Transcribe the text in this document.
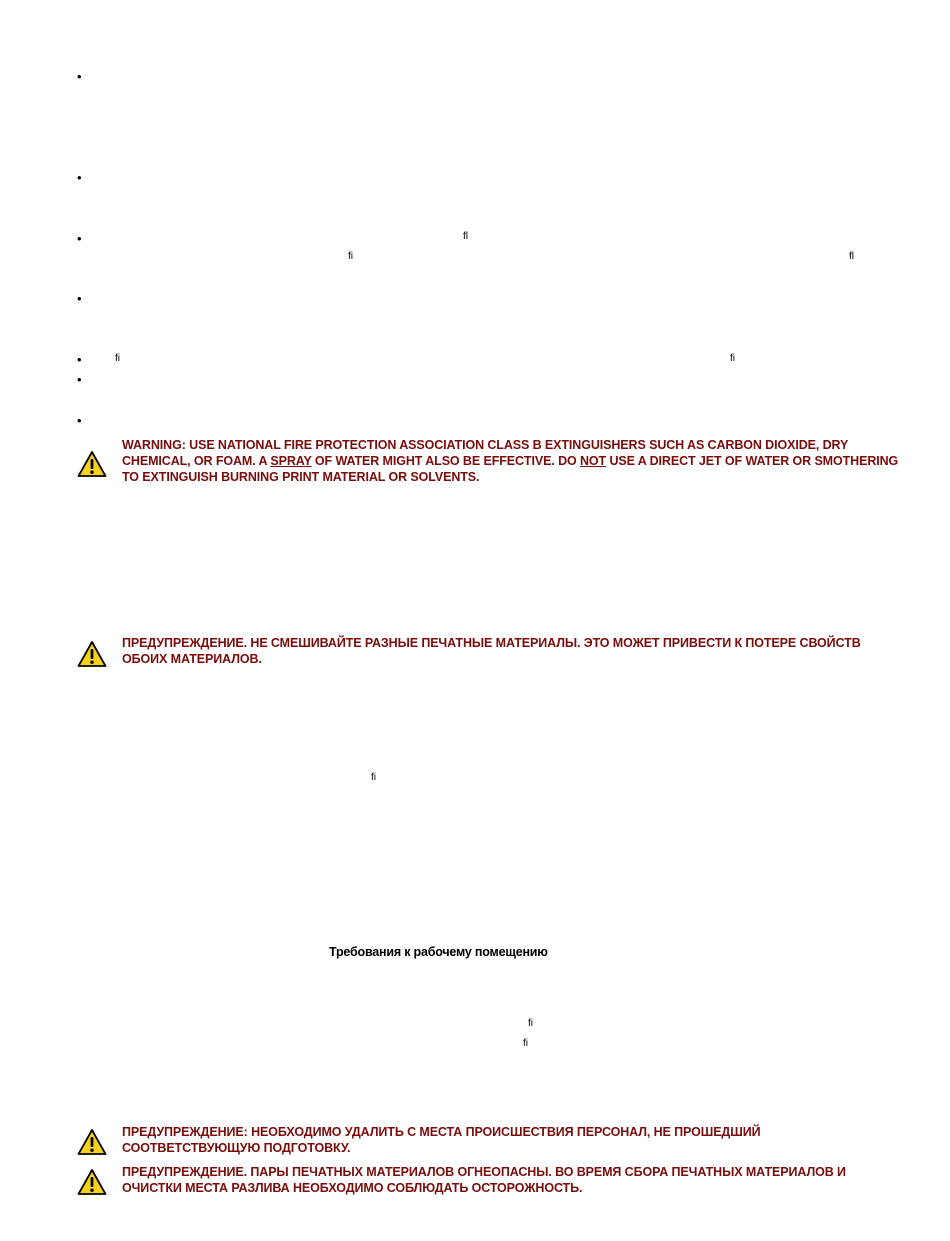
•
•
•
•
•
•
•
ﬂ
ﬁ	ﬂ
ﬁ	ﬁ
ﬁ
ﬁ
ﬁ
WARNING: USE NATIONAL FIRE PROTECTION ASSOCIATION CLASS B EXTINGUISHERS SUCH AS CARBON DIOXIDE, DRY CHEMICAL, OR FOAM. A SPRAY OF WATER MIGHT ALSO BE EFFECTIVE. DO NOT USE A DIRECT JET OF WATER OR SMOTHERING TO EXTINGUISH BURNING PRINT MATERIAL OR SOLVENTS.
ПРЕДУПРЕЖДЕНИЕ. НЕ СМЕШИВАЙТЕ РАЗНЫЕ ПЕЧАТНЫЕ МАТЕРИАЛЫ. ЭТО МОЖЕТ ПРИВЕСТИ К ПОТЕРЕ СВОЙСТВ ОБОИХ МАТЕРИАЛОВ.
Требования к рабочему помещению
ПРЕДУПРЕЖДЕНИЕ: НЕОБХОДИМО УДАЛИТЬ С МЕСТА ПРОИСШЕСТВИЯ ПЕРСОНАЛ, НЕ ПРОШЕДШИЙ СООТВЕТСТВУЮЩУЮ ПОДГОТОВКУ.
ПРЕДУПРЕЖДЕНИЕ. ПАРЫ ПЕЧАТНЫХ МАТЕРИАЛОВ ОГНЕОПАСНЫ. ВО ВРЕМЯ СБОРА ПЕЧАТНЫХ МАТЕРИАЛОВ И ОЧИСТКИ МЕСТА РАЗЛИВА НЕОБХОДИМО СОБЛЮДАТЬ ОСТОРОЖНОСТЬ.
